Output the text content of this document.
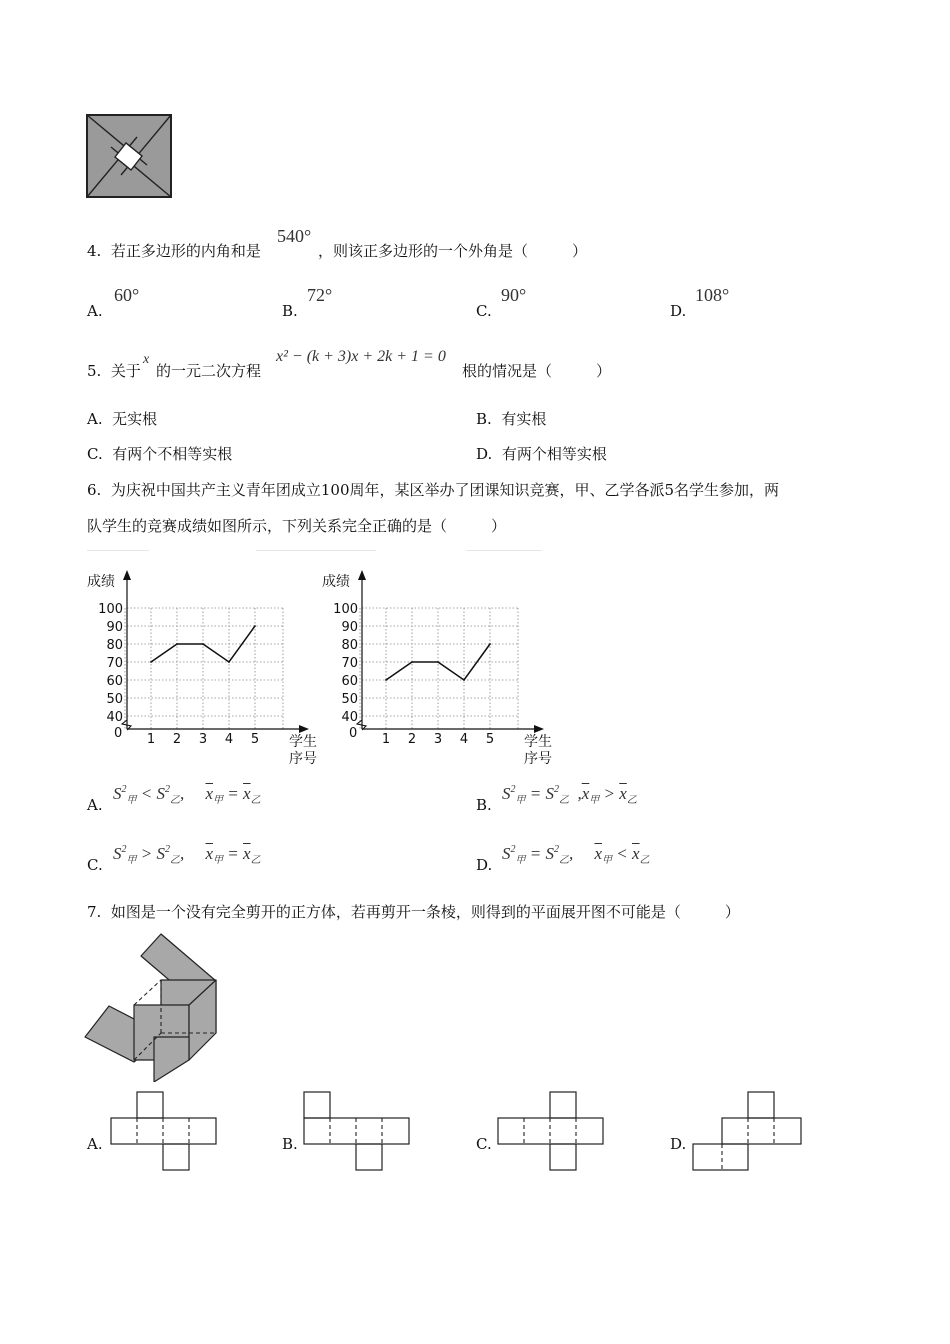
4. 若正多边形的内角和是
540°
，则该正多边形的一个外角是（	）
A.
60°
B.
72°
C.
90°
D.
108°
5. 关于
x
的一元二次方程
x² − (k + 3)x + 2k + 1 = 0
根的情况是（	）
A. 无实根	B. 有实根
C. 有两个不相等实根	D. 有两个相等实根
6. 为庆祝中国共产主义青年团成立100周年，某区举办了团课知识竞赛，甲、乙学各派5名学生参加，两
队学生的竞赛成绩如图所示，下列关系完全正确的是（	）
成绩
学生
序号
0
40
50
60
70
80
90
100
1 2 3 4 5
成绩
学生
序号
0
40
50
60
70
80
90
100
1 2 3 4 5
A.
$S^2_甲 < S^2_乙$,     $\overline{x}_甲 = \overline{x}_乙$	B.
$S^2_甲 = S^2_乙$  $,\overline{x}_甲 > \overline{x}_乙$
C.
$S^2_甲 > S^2_乙$,     $\overline{x}_甲 = \overline{x}_乙$	D.
$S^2_甲 = S^2_乙$,     $\overline{x}_甲 < \overline{x}_乙$
7. 如图是一个没有完全剪开的正方体，若再剪开一条棱，则得到的平面展开图不可能是（	）
A.	B.	C.	D.
